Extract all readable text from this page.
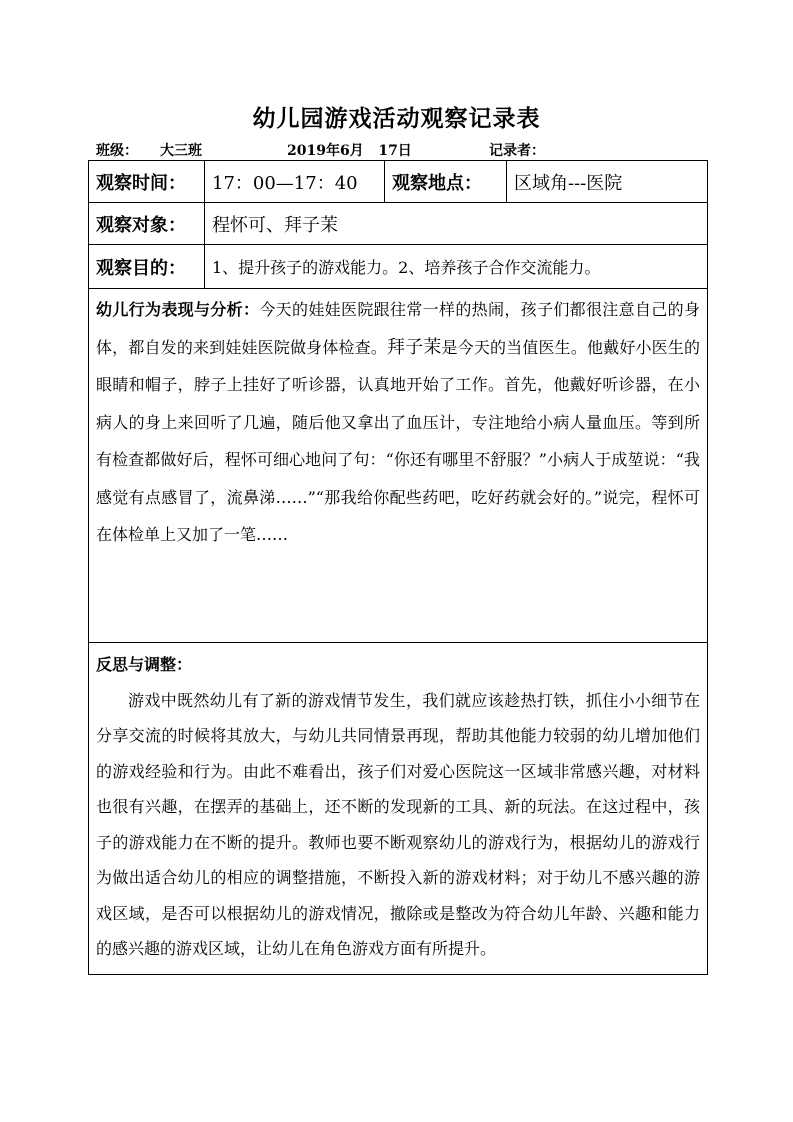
幼儿园游戏活动观察记录表
班级： 大三班	2019年6月   17日	记录者：
观察时间：	17：00—17：40	观察地点：	区域角---医院
观察对象：	程怀可、拜子茉		
观察目的：	1、提升孩子的游戏能力。2、培养孩子合作交流能力。		
幼儿行为表现与分析：今天的娃娃医院跟往常一样的热闹，孩子们都很注意自己的身体，都自发的来到娃娃医院做身体检查。拜子茉是今天的当值医生。他戴好小医生的眼睛和帽子，脖子上挂好了听诊器，认真地开始了工作。首先，他戴好听诊器，在小病人的身上来回听了几遍，随后他又拿出了血压计，专注地给小病人量血压。等到所有检查都做好后，程怀可细心地问了句：“你还有哪里不舒服？”小病人于成堃说：“我感觉有点感冒了，流鼻涕……”“那我给你配些药吧，吃好药就会好的。”说完，程怀可在体检单上又加了一笔……			

反思与调整：
游戏中既然幼儿有了新的游戏情节发生，我们就应该趁热打铁，抓住小小细节在分享交流的时候将其放大，与幼儿共同情景再现，帮助其他能力较弱的幼儿增加他们的游戏经验和行为。由此不难看出，孩子们对爱心医院这一区域非常感兴趣，对材料也很有兴趣，在摆弄的基础上，还不断的发现新的工具、新的玩法。在这过程中，孩子的游戏能力在不断的提升。教师也要不断观察幼儿的游戏行为，根据幼儿的游戏行为做出适合幼儿的相应的调整措施，不断投入新的游戏材料；对于幼儿不感兴趣的游戏区域，是否可以根据幼儿的游戏情况，撤除或是整改为符合幼儿年龄、兴趣和能力的感兴趣的游戏区域，让幼儿在角色游戏方面有所提升。			
